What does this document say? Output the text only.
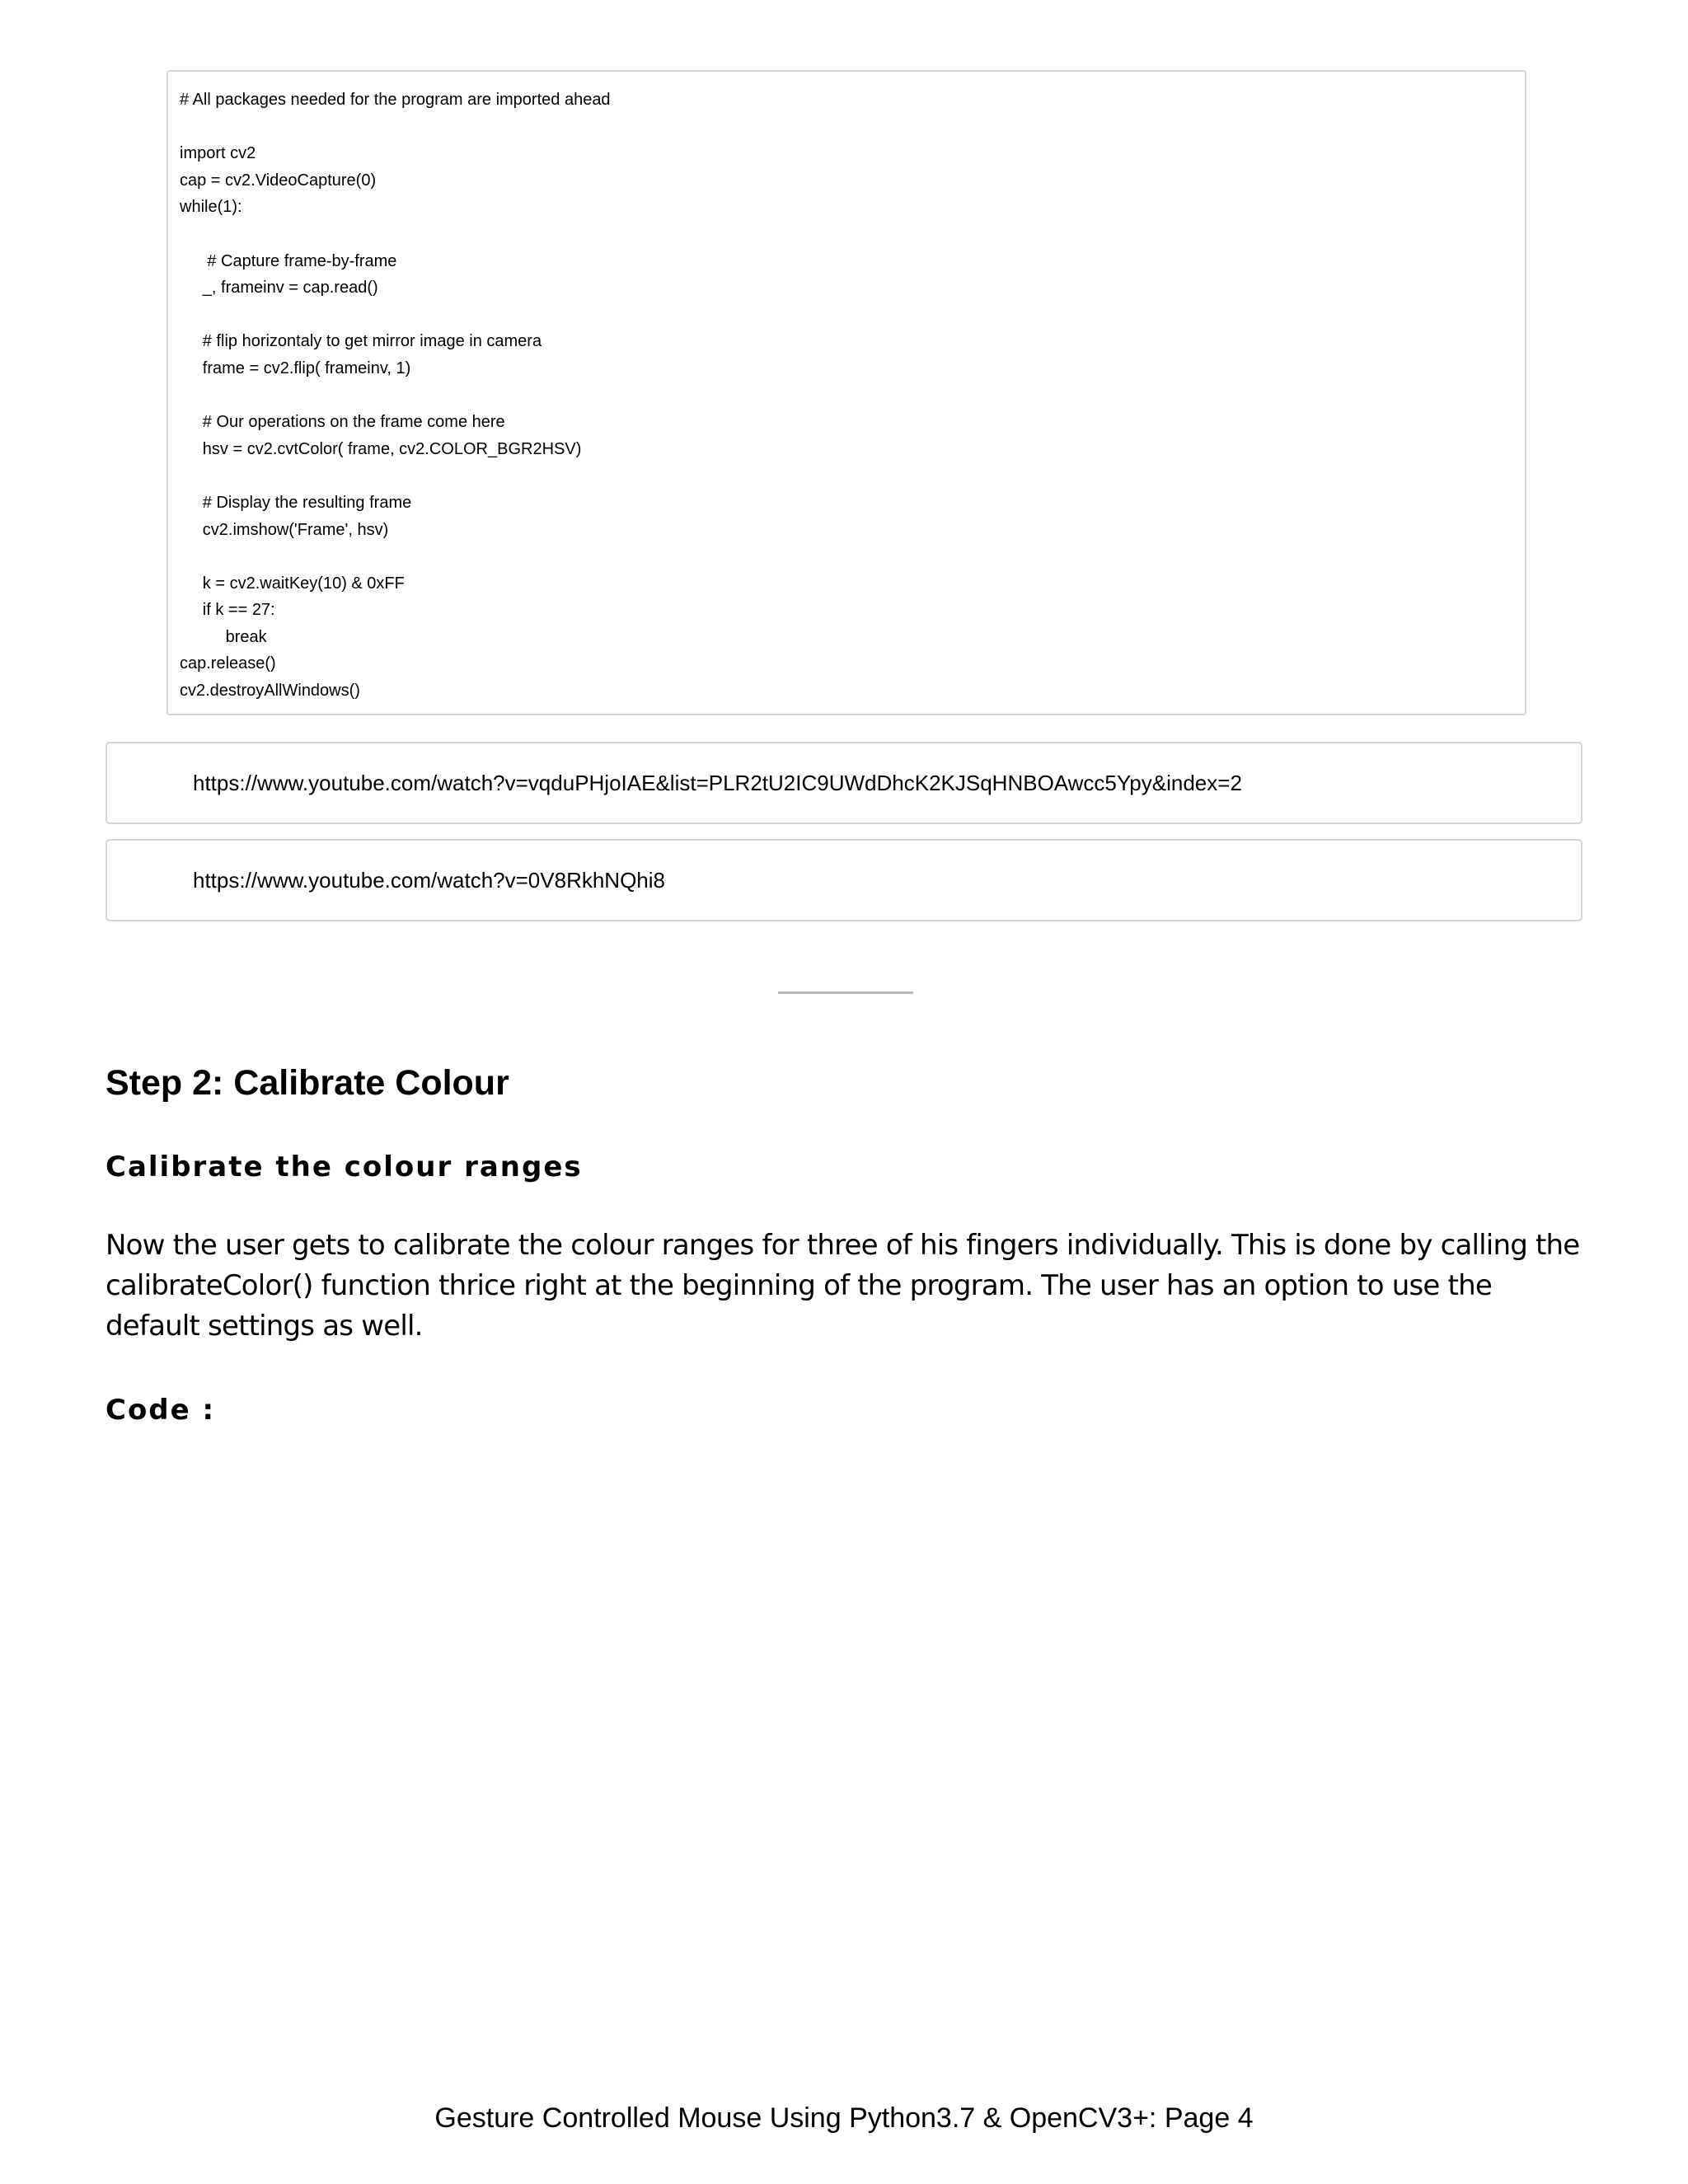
# All packages needed for the program are imported ahead
import cv2
cap = cv2.VideoCapture(0)
while(1):
# Capture frame-by-frame
_, frameinv = cap.read()
# flip horizontaly to get mirror image in camera
frame = cv2.flip( frameinv, 1)
# Our operations on the frame come here
hsv = cv2.cvtColor( frame, cv2.COLOR_BGR2HSV)
# Display the resulting frame
cv2.imshow('Frame', hsv)
k = cv2.waitKey(10) & 0xFF
if k == 27:
break
cap.release()
cv2.destroyAllWindows()
https://www.youtube.com/watch?v=vqduPHjoIAE&list=PLR2tU2IC9UWdDhcK2KJSqHNBOAwcc5Ypy&index=2
https://www.youtube.com/watch?v=0V8RkhNQhi8
Step 2: Calibrate Colour
Calibrate the colour ranges

Now the user gets to calibrate the colour ranges for three of his fingers individually. This is done by calling the calibrateColor() function thrice right at the beginning of the program. The user has an option to use the default settings as well.

Code :
Gesture Controlled Mouse Using Python3.7 & OpenCV3+: Page 4
